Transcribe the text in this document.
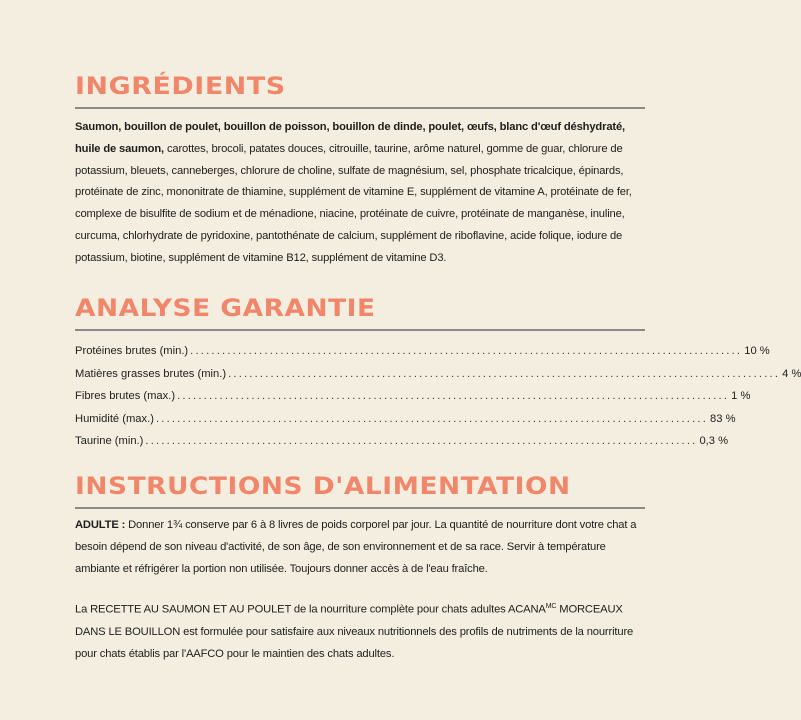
INGRÉDIENTS

Saumon, bouillon de poulet, bouillon de poisson, bouillon de dinde, poulet, œufs, blanc d'œuf déshydraté, huile de saumon, carottes, brocoli, patates douces, citrouille, taurine, arôme naturel, gomme de guar, chlorure de potassium, bleuets, canneberges, chlorure de choline, sulfate de magnésium, sel, phosphate tricalcique, épinards, protéinate de zinc, mononitrate de thiamine, supplément de vitamine E, supplément de vitamine A, protéinate de fer, complexe de bisulfite de sodium et de ménadione, niacine, protéinate de cuivre, protéinate de manganèse, inuline, curcuma, chlorhydrate de pyridoxine, pantothénate de calcium, supplément de riboflavine, acide folique, iodure de potassium, biotine, supplément de vitamine B12, supplément de vitamine D3.

ANALYSE GARANTIE
Protéines brutes (min.) ........................................................................................................ 10 %
Matières grasses brutes (min.) ........................................................................................................ 4 %
Fibres brutes (max.) ........................................................................................................ 1 %
Humidité (max.) ........................................................................................................ 83 %
Taurine (min.) ........................................................................................................ 0,3 %
INSTRUCTIONS D'ALIMENTATION

ADULTE : Donner 1¾ conserve par 6 à 8 livres de poids corporel par jour. La quantité de nourriture dont votre chat a besoin dépend de son niveau d'activité, de son âge, de son environnement et de sa race. Servir à température ambiante et réfrigérer la portion non utilisée. Toujours donner accès à de l'eau fraîche.

La RECETTE AU SAUMON ET AU POULET de la nourriture complète pour chats adultes $ACANA^{MC}$ MORCEAUX DANS LE BOUILLON est formulée pour satisfaire aux niveaux nutritionnels des profils de nutriments de la nourriture pour chats établis par l'AAFCO pour le maintien des chats adultes.
